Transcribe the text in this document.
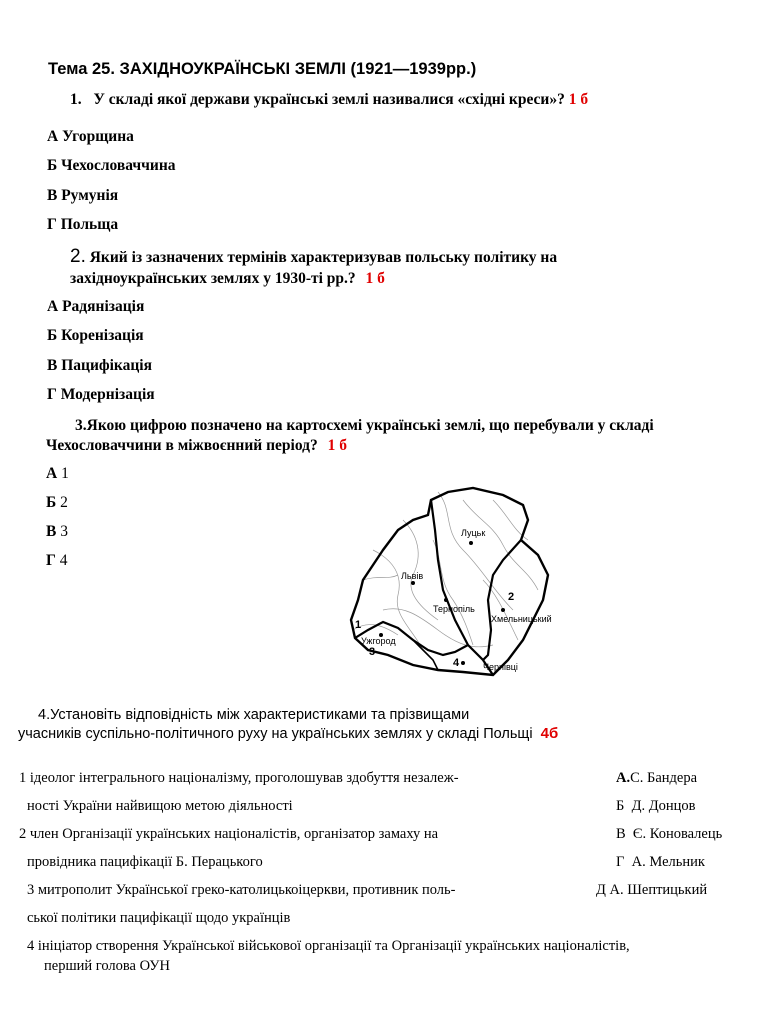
Тема 25. ЗАХІДНОУКРАЇНСЬКІ ЗЕМЛІ (1921—1939рр.)
1. У складі якої держави українські землі називалися «східні креси»? 1 б
А Угорщина
Б Чехословаччина
В Румунія
Г Польща
2. Який із зазначених термінів характеризував польську політику на
західноукраїнських землях у 1930-ті рр.? 1 б
А Радянізація
Б Коренізація
В Пацифікація
Г Модернізація
3.Якою цифрою позначено на картосхемі українські землі, що перебували у складі
Чехословаччини в міжвоєнний період? 1 б
А 1
Б 2
В 3
Г 4
Луцьк
Львів
Тернопіль
Хмельницький
Ужгород
Чернівці
1
2
3
4
4.Установіть відповідність між характеристиками та прізвищами
учасників суспільно-політичного руху на українських землях у складі Польщі 4б
1 ідеолог інтегрального націоналізму, проголошував здобуття незалеж-
ності України найвищою метою діяльності
2 член Організації українських націоналістів, організатор замаху на
провідника пацифікації Б. Перацького
3 митрополит Української греко-католицькоіцеркви, противник поль-
ської політики пацифікації щодо українців
4 ініціатор створення Української військової організації та Організації українських націоналістів,
перший голова ОУН
А.С. Бандера
Б Д. Донцов
В Є. Коновалець
Г А. Мельник
Д А. Шептицький
